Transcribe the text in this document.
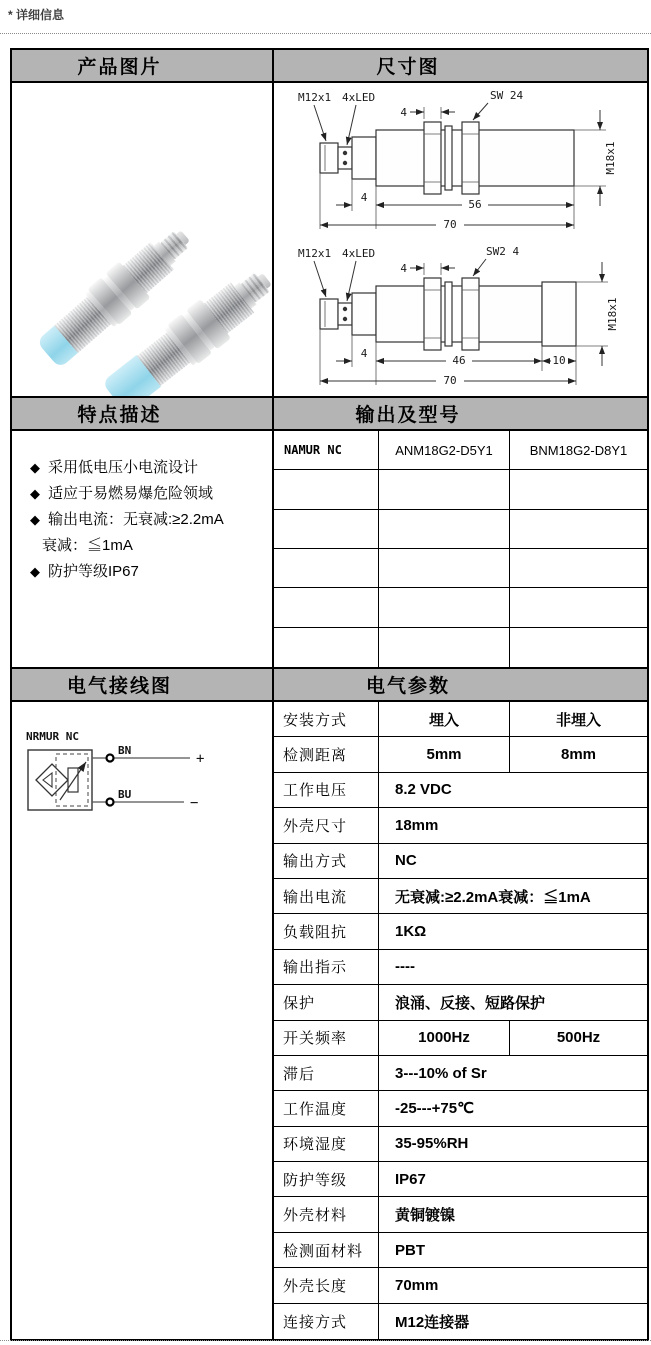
* 详细信息
产品图片	尺寸图
M12x1 4xLED
4
SW 24
M18x1
4
56
70
M12x1 4xLED
4
SW2 4
M18x1
4
46	10
70
特点描述	输出及型号
◆ 采用低电压小电流设计
◆ 适应于易燃易爆危险领域
◆ 输出电流：无衰减:≥2.2mA
衰减：≦1mA
◆ 防护等级IP67
NAMUR NC	ANM18G2-D5Y1	BNM18G2-D8Y1
电气接线图	电气参数
NRMUR NC
BN
+
BU
−
安装方式	埋入	非埋入
检测距离	5mm	8mm
工作电压	8.2 VDC
外壳尺寸	18mm
输出方式	NC
输出电流	无衰减:≥2.2mA衰减：≦1mA
负载阻抗	1KΩ
输出指示	----
保护	浪涌、反接、短路保护
开关频率	1000Hz	500Hz
滞后	3---10% of Sr
工作温度	-25---+75℃
环境湿度	35-95%RH
防护等级	IP67
外壳材料	黄铜镀镍
检测面材料	PBT
外壳长度	70mm
连接方式	M12连接器
